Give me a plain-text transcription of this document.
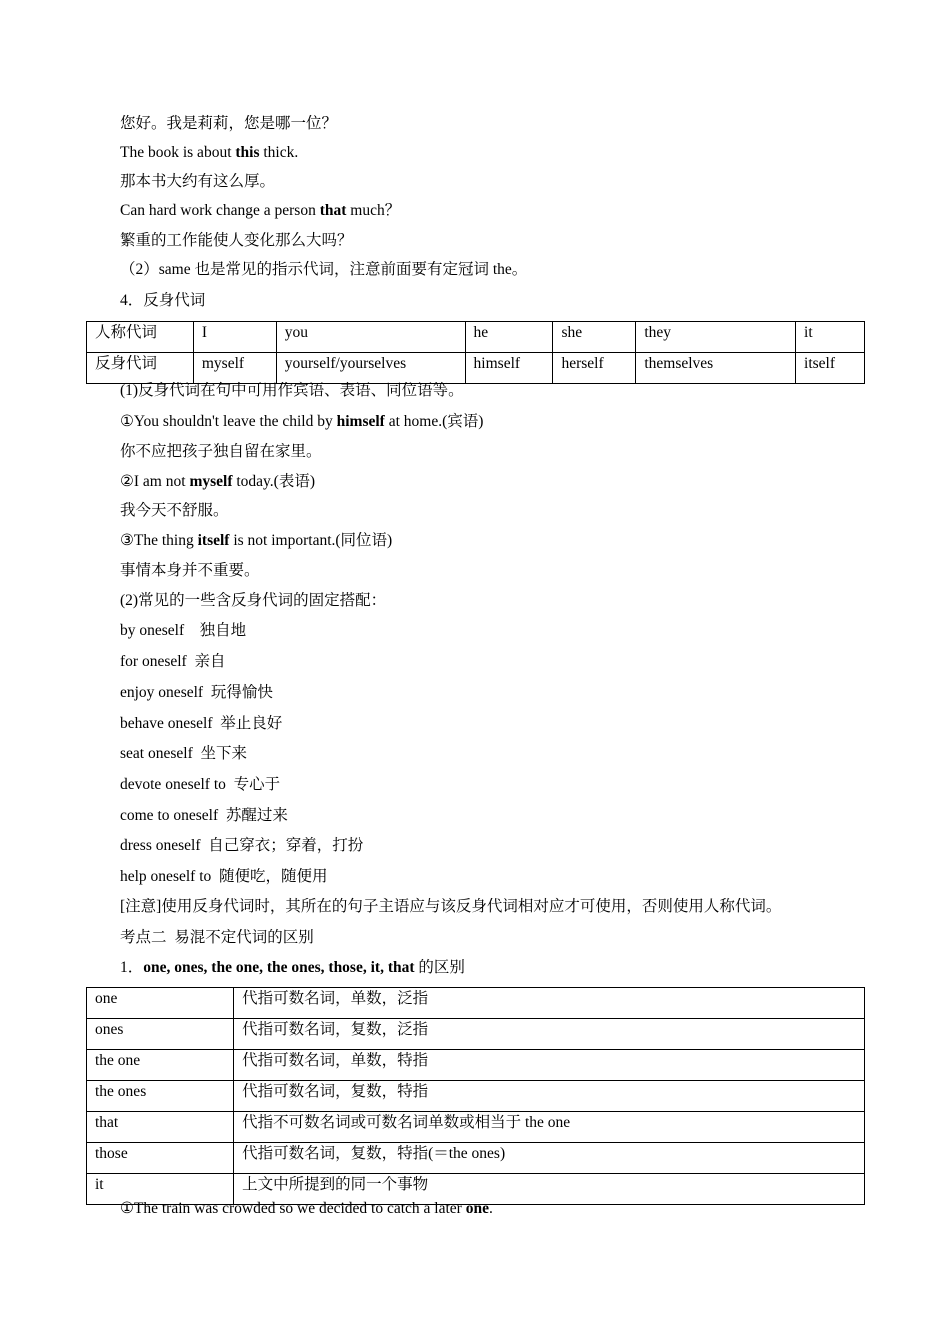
您好。我是莉莉，您是哪一位？
The book is about this thick.
那本书大约有这么厚。
Can hard work change a person that much？
繁重的工作能使人变化那么大吗？
（2）same 也是常见的指示代词，注意前面要有定冠词 the。
4．反身代词
人称代词	I	you	he	she	they	it
反身代词	myself	yourself/yourselves	himself	herself	themselves	itself
(1)反身代词在句中可用作宾语、表语、同位语等。
①You shouldn't leave the child by himself at home.(宾语)
你不应把孩子独自留在家里。
②I am not myself today.(表语)
我今天不舒服。
③The thing itself is not important.(同位语)
事情本身并不重要。
(2)常见的一些含反身代词的固定搭配：
by oneself    独自地
for oneself  亲自
enjoy oneself  玩得愉快
behave oneself  举止良好
seat oneself  坐下来
devote oneself to  专心于
come to oneself  苏醒过来
dress oneself  自己穿衣；穿着，打扮
help oneself to  随便吃，随便用
[注意]使用反身代词时，其所在的句子主语应与该反身代词相对应才可使用，否则使用人称代词。
考点二  易混不定代词的区别
1．one, ones, the one, the ones, those, it, that 的区别
one	代指可数名词，单数，泛指
ones	代指可数名词，复数，泛指
the one	代指可数名词，单数，特指
the ones	代指可数名词，复数，特指
that	代指不可数名词或可数名词单数或相当于 the one
those	代指可数名词，复数，特指(＝the ones)
it	上文中所提到的同一个事物
①The train was crowded so we decided to catch a later one.
